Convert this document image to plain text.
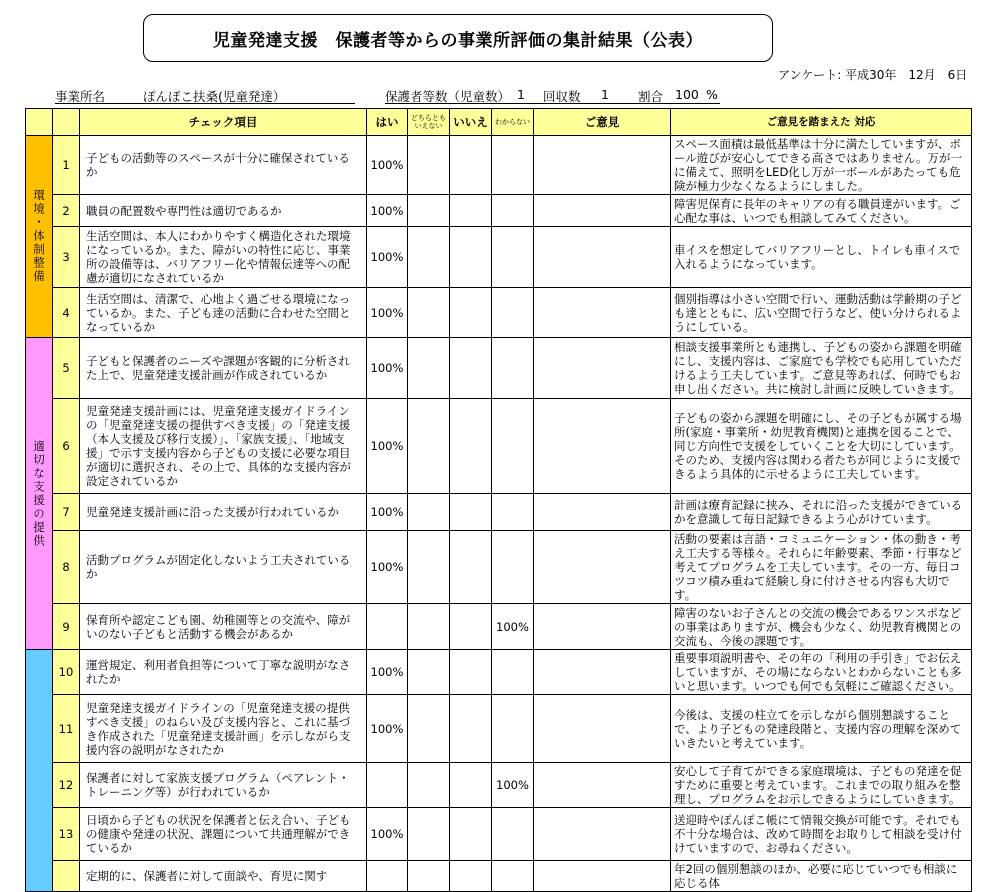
児童発達支援　保護者等からの事業所評価の集計結果（公表）
アンケート: 平成30年　12月　6日
事業所名	ぽんぽこ扶桑(児童発達）	保護者等数（児童数） 1 回収数 1 割合 100 %
		チェック項目	はい	どちらとも いえない	いいえ	わからない	ご意見	ご意見を踏まえた 対応
環境・体制整備	1	子どもの活動等のスペースが十分に確保されているか	100%					スペース面積は最低基準は十分に満たしていますが、ボール遊びが安心してできる高さではありません。万が一に備えて、照明をLED化し万が一ボールがあたっても危険が極力少なくなるようにしました。
	2	職員の配置数や専門性は適切であるか	100%					障害児保育に長年のキャリアの有る職員達がいます。ご心配な事は、いつでも相談してみてください。
	3	生活空間は、本人にわかりやすく構造化された環境になっているか。また、障がいの特性に応じ、事業所の設備等は、バリアフリー化や情報伝達等への配慮が適切になされているか	100%					車イスを想定してバリアフリーとし、トイレも車イスで入れるようになっています。
	4	生活空間は、清潔で、心地よく過ごせる環境になっているか。また、子ども達の活動に合わせた空間となっているか	100%					個別指導は小さい空間で行い、運動活動は学齢期の子ども達とともに、広い空間で行うなど、使い分けられるようにしている。
適切な支援の提供	5	子どもと保護者のニーズや課題が客観的に分析された上で、児童発達支援計画が作成されているか	100%					相談支援事業所とも連携し、子どもの姿から課題を明確にし、支援内容は、ご家庭でも学校でも応用していただけるよう工夫しています。ご意見等あれば、何時でもお申し出ください。共に検討し計画に反映していきます。
	6	児童発達支援計画には、児童発達支援ガイドラインの「児童発達支援の提供すべき支援」の「発達支援（本人支援及び移行支援）」、「家族支援」、「地域支援」で示す支援内容から子どもの支援に必要な項目が適切に選択され、その上で、具体的な支援内容が設定されているか	100%					子どもの姿から課題を明確にし、その子どもが属する場所(家庭・事業所・幼児教育機関)と連携を図ることで、同じ方向性で支援をしていくことを大切にしています。そのため、支援内容は関わる者たちが同じように支援できるよう具体的に示せるように工夫しています。
	7	児童発達支援計画に沿った支援が行われているか	100%					計画は療育記録に挟み、それに沿った支援ができているかを意識して毎日記録できるよう心がけています。
	8	活動プログラムが固定化しないよう工夫されているか	100%					活動の要素は言語・コミュニケーション・体の動き・考え工夫する等様々。それらに年齢要素、季節・行事など考えてプログラムを工夫しています。その一方、毎日コツコツ積み重ねて経験し身に付けさせる内容も大切です。
	9	保育所や認定こども園、幼稚園等との交流や、障がいのない子どもと活動する機会があるか				100%		障害のないお子さんとの交流の機会であるワンスポなどの事業はありますが、機会も少なく、幼児教育機関との交流も、今後の課題です。
	10	運営規定、利用者負担等について丁寧な説明がなされたか	100%					重要事項説明書や、その年の「利用の手引き」でお伝えしていますが、その場にならないとわからないことも多いと思います。いつでも何でも気軽にご確認ください。
	11	児童発達支援ガイドラインの「児童発達支援の提供すべき支援」のねらい及び支援内容と、これに基づき作成された「児童発達支援計画」を示しながら支援内容の説明がなされたか	100%					今後は、支援の柱立てを示しながら個別懇談することで、より子どもの発達段階と、支援内容の理解を深めていきたいと考えています。
	12	保護者に対して家族支援プログラム（ペアレント・トレーニング等）が行われているか				100%		安心して子育てができる家庭環境は、子どもの発達を促すために重要と考えています。これまでの取り組みを整理し、プログラムをお示しできるようにしていきます。
	13	日頃から子どもの状況を保護者と伝え合い、子どもの健康や発達の状況、課題について共通理解ができているか	100%					送迎時やぽんぽこ帳にて情報交換が可能です。それでも不十分な場合は、改めて時間をお取りして相談を受け付けていますので、お尋ねください。
		定期的に、保護者に対して面談や、育児に関す						年2回の個別懇談のほか、必要に応じていつでも相談に応じる体
